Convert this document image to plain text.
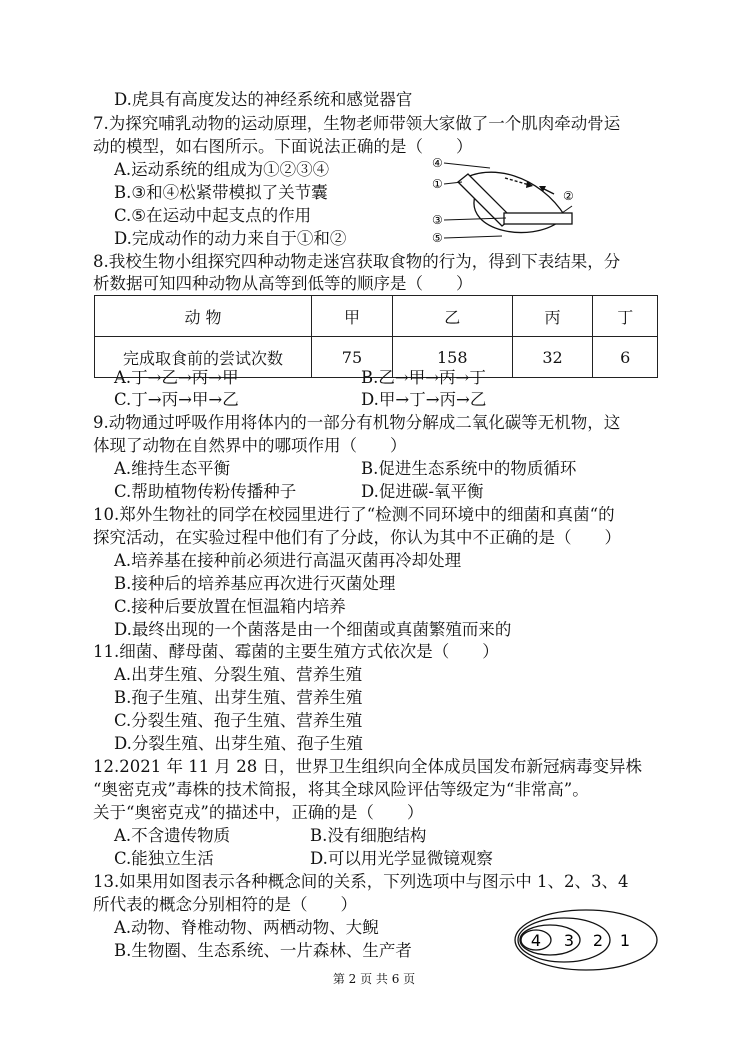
D.虎具有高度发达的神经系统和感觉器官
7.为探究哺乳动物的运动原理，生物老师带领大家做了一个肌肉牵动骨运
动的模型，如右图所示。下面说法正确的是（　　）
A.运动系统的组成为①②③④
B.③和④松紧带模拟了关节囊
C.⑤在运动中起支点的作用
D.完成动作的动力来自于①和②
④
①
②
③
⑤
8.我校生物小组探究四种动物走迷宫获取食物的行为，得到下表结果，分
析数据可知四种动物从高等到低等的顺序是（　　）
动 物	甲	乙	丙	丁
完成取食前的尝试次数	75	158	32	6
A.丁→乙→丙→甲	B.乙→甲→丙→丁
C.丁→丙→甲→乙	D.甲→丁→丙→乙
9.动物通过呼吸作用将体内的一部分有机物分解成二氧化碳等无机物，这
体现了动物在自然界中的哪项作用（　　）
A.维持生态平衡	B.促进生态系统中的物质循环
C.帮助植物传粉传播种子	D.促进碳-氧平衡
10.郑外生物社的同学在校园里进行了“检测不同环境中的细菌和真菌“的
探究活动，在实验过程中他们有了分歧，你认为其中不正确的是（　　）
A.培养基在接种前必须进行高温灭菌再冷却处理
B.接种后的培养基应再次进行灭菌处理
C.接种后要放置在恒温箱内培养
D.最终出现的一个菌落是由一个细菌或真菌繁殖而来的
11.细菌、酵母菌、霉菌的主要生殖方式依次是（　　）
A.出芽生殖、分裂生殖、营养生殖
B.孢子生殖、出芽生殖、营养生殖
C.分裂生殖、孢子生殖、营养生殖
D.分裂生殖、出芽生殖、孢子生殖
12.2021 年 11 月 28 日，世界卫生组织向全体成员国发布新冠病毒变异株
“奥密克戎”毒株的技术简报，将其全球风险评估等级定为“非常高”。
关于“奥密克戎”的描述中，正确的是（　　）
A.不含遗传物质	B.没有细胞结构
C.能独立生活	D.可以用光学显微镜观察
13.如果用如图表示各种概念间的关系，下列选项中与图示中 1、2、3、4
所代表的概念分别相符的是（　　）
A.动物、脊椎动物、两栖动物、大鲵
B.生物圈、生态系统、一片森林、生产者
4 3 2 1
第 2 页 共 6 页
